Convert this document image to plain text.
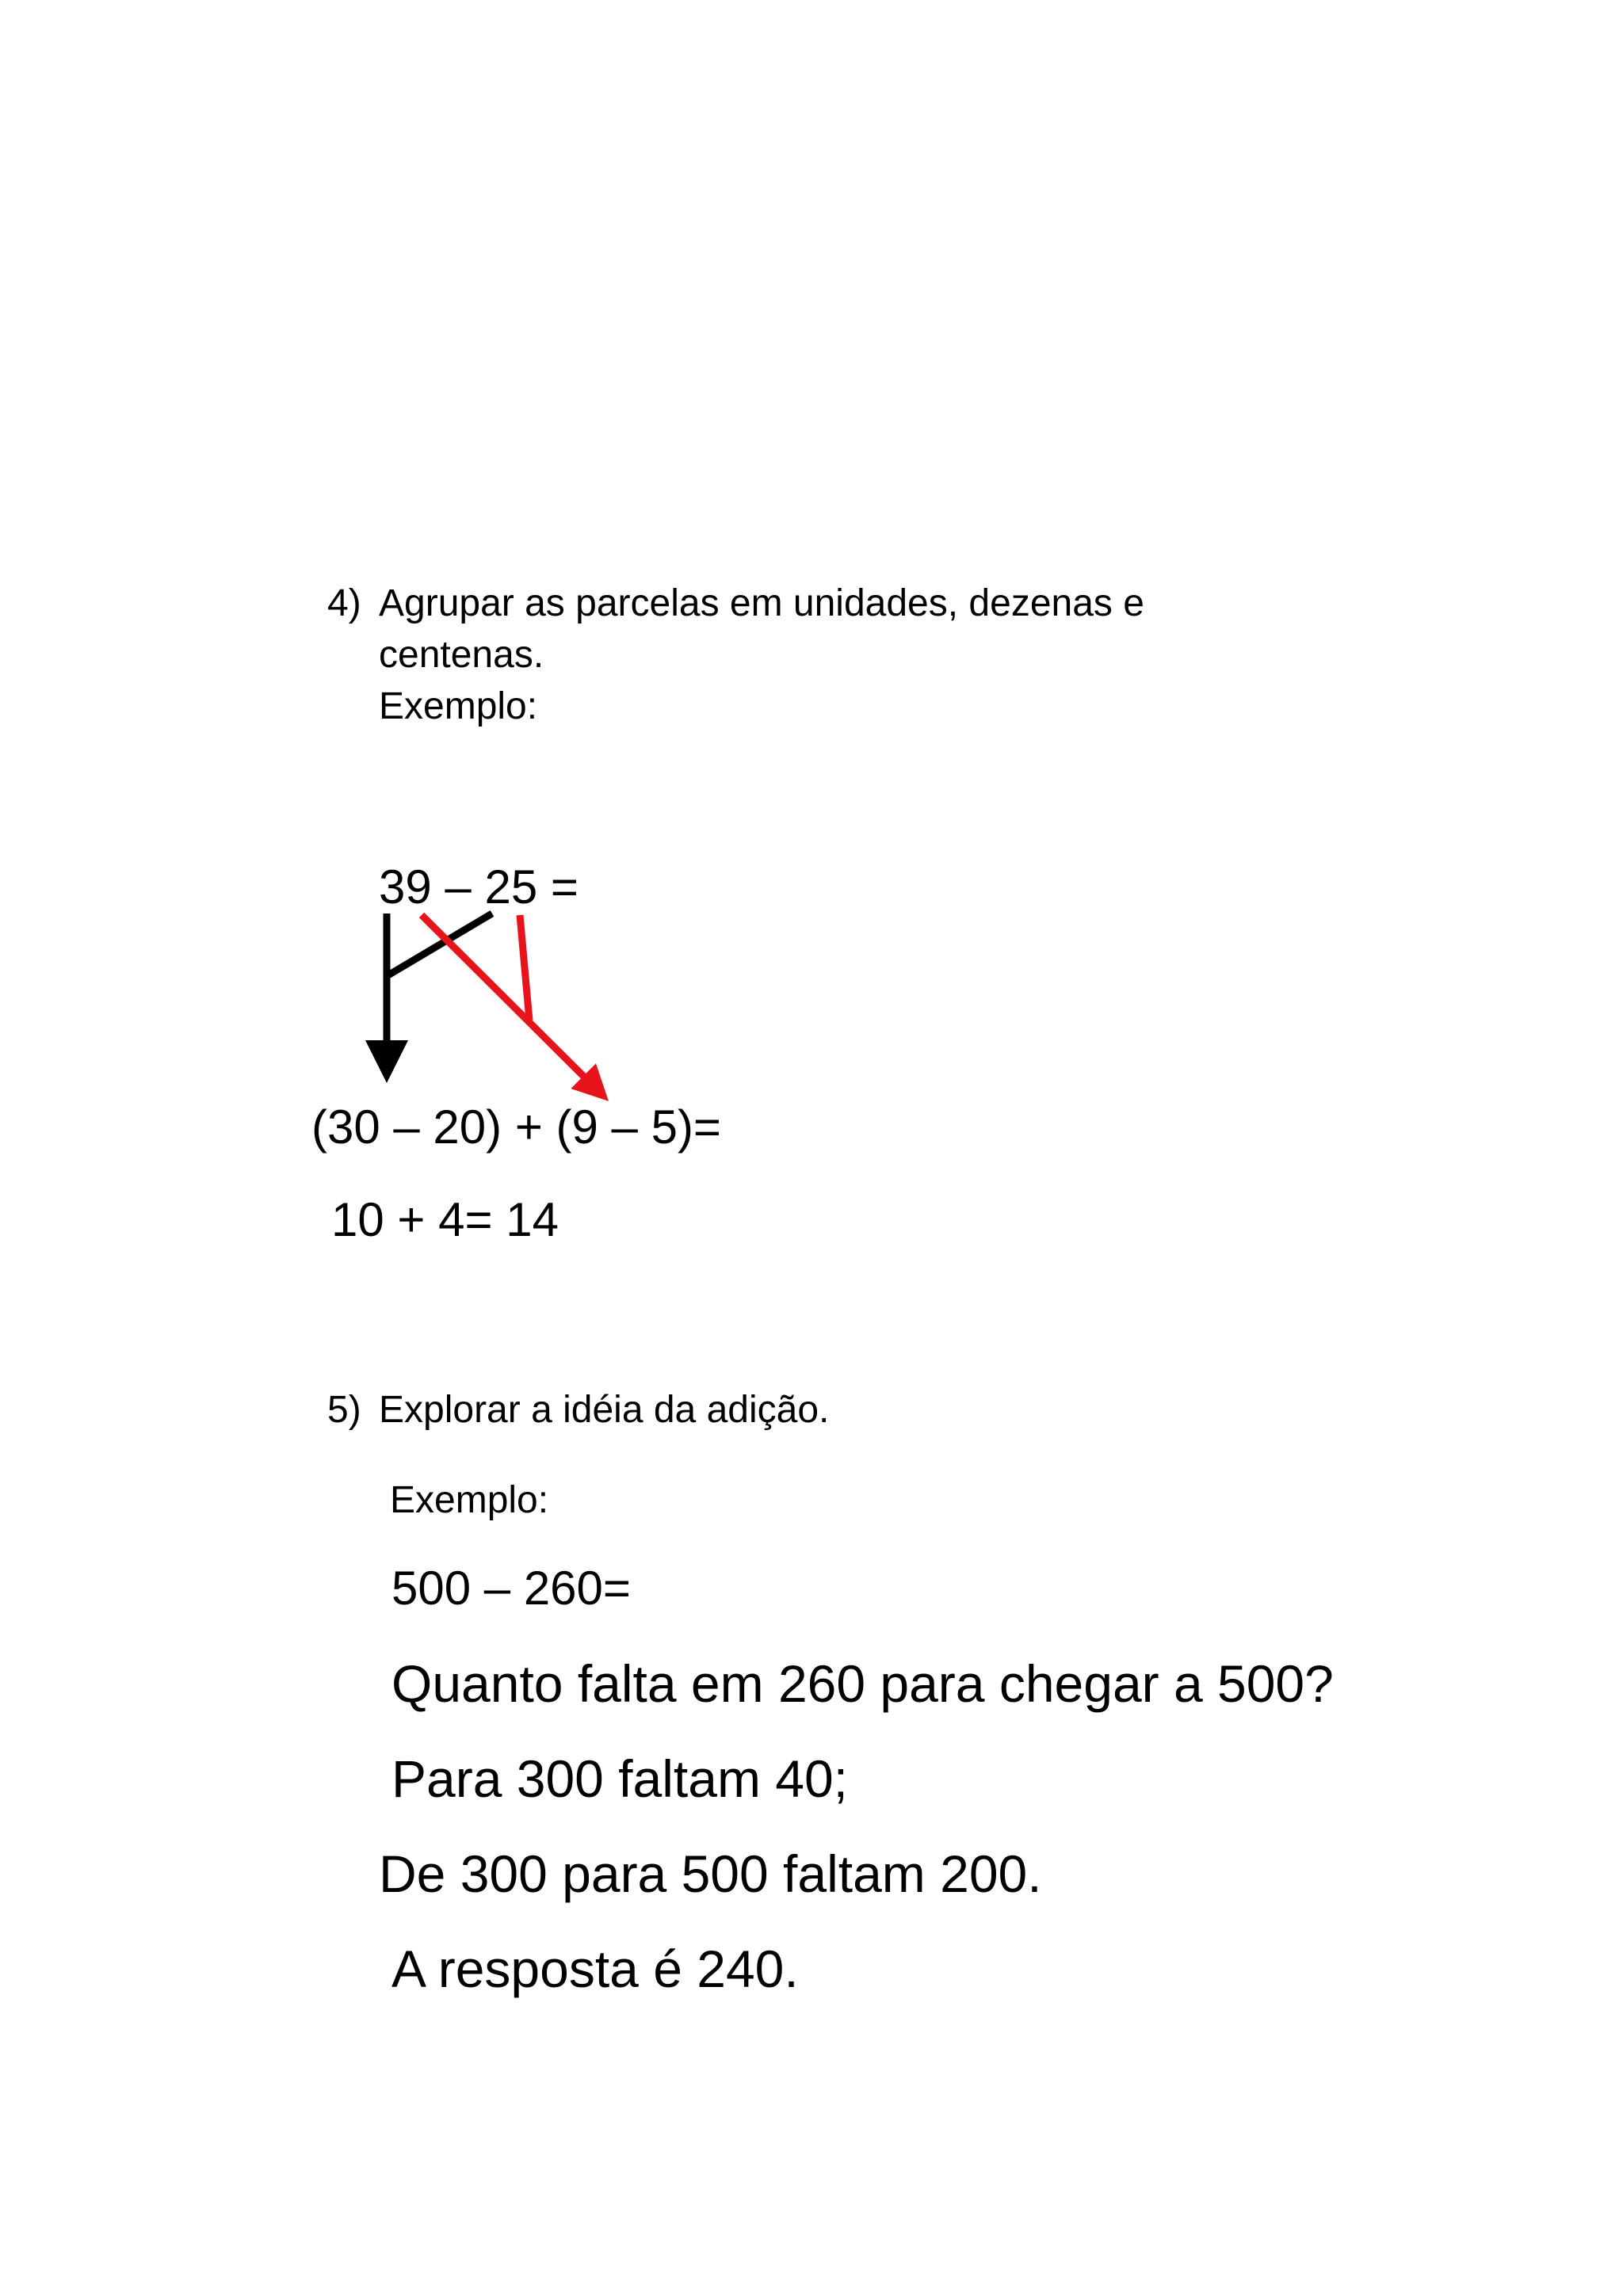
4) Agrupar as parcelas em unidades, dezenas e
centenas.
Exemplo:
39 – 25 =
(30 – 20) + (9 – 5)=
10 + 4= 14
5) Explorar a idéia da adição.
Exemplo:
500 – 260=
Quanto falta em 260 para chegar a 500?
Para 300 faltam 40;
De 300 para 500 faltam 200.
A resposta é 240.
